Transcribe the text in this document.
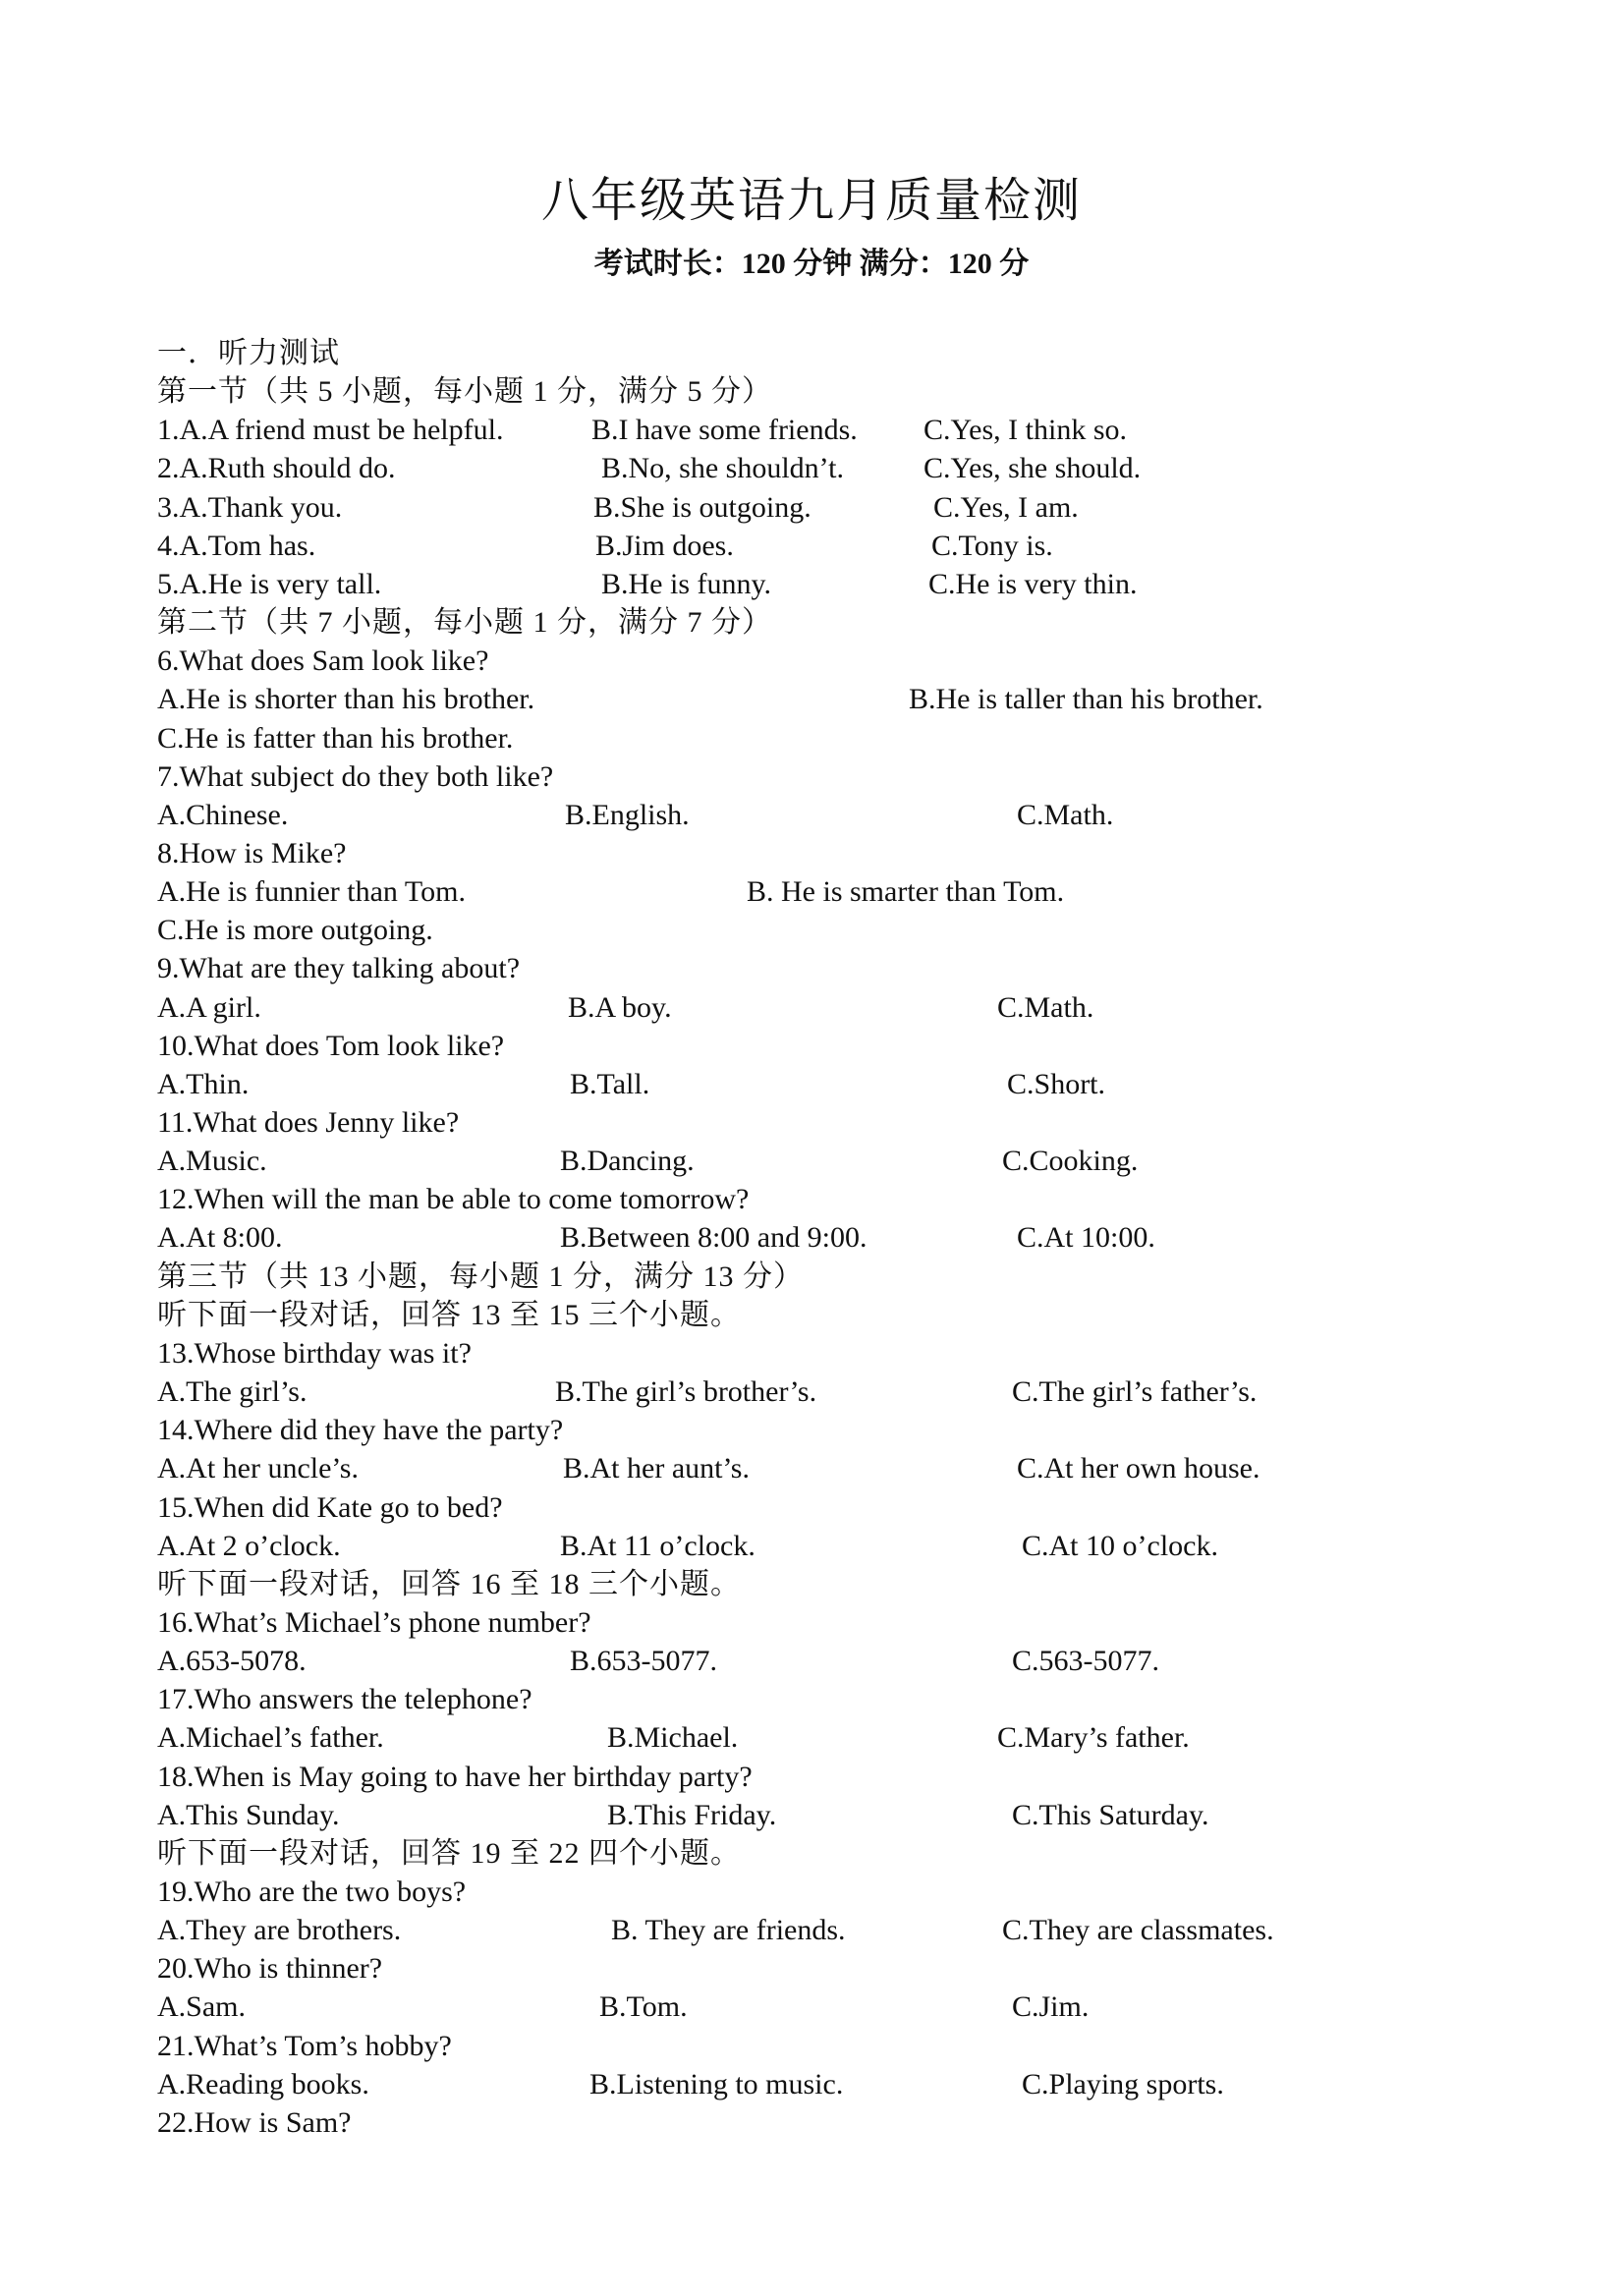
八年级英语九月质量检测
考试时长：120 分钟 满分：120 分
一．听力测试
第一节（共 5 小题，每小题 1 分，满分 5 分）
1.A.A friend must be helpful.	B.I have some friends. C.Yes, I think so.
2.A.Ruth should do.	B.No, she shouldn’t.	C.Yes, she should.
3.A.Thank you.	B.She is outgoing.	C.Yes, I am.
4.A.Tom has.	B.Jim does.	C.Tony is.
5.A.He is very tall.	B.He is funny.	C.He is very thin.
第二节（共 7 小题，每小题 1 分，满分 7 分）
6.What does Sam look like?
A.He is shorter than his brother.	B.He is taller than his brother.
C.He is fatter than his brother.
7.What subject do they both like?
A.Chinese.	B.English.	C.Math.
8.How is Mike?
A.He is funnier than Tom.	B. He is smarter than Tom.
C.He is more outgoing.
9.What are they talking about?
A.A girl.	B.A boy.	C.Math.
10.What does Tom look like?
A.Thin.	B.Tall.	C.Short.
11.What does Jenny like?
A.Music.	B.Dancing.	C.Cooking.
12.When will the man be able to come tomorrow?
A.At 8:00.	B.Between 8:00 and 9:00.	C.At 10:00.
第三节（共 13 小题，每小题 1 分，满分 13 分）
听下面一段对话，回答 13 至 15 三个小题。
13.Whose birthday was it?
A.The girl’s.	B.The girl’s brother’s.	C.The girl’s father’s.
14.Where did they have the party?
A.At her uncle’s.	B.At her aunt’s.	C.At her own house.
15.When did Kate go to bed?
A.At 2 o’clock.	B.At 11 o’clock.	C.At 10 o’clock.
听下面一段对话，回答 16 至 18 三个小题。
16.What’s Michael’s phone number?
A.653-5078.	B.653-5077.	C.563-5077.
17.Who answers the telephone?
A.Michael’s father.	B.Michael.	C.Mary’s father.
18.When is May going to have her birthday party?
A.This Sunday.	B.This Friday.	C.This Saturday.
听下面一段对话，回答 19 至 22 四个小题。
19.Who are the two boys?
A.They are brothers.	B. They are friends.	C.They are classmates.
20.Who is thinner?
A.Sam.	B.Tom.	C.Jim.
21.What’s Tom’s hobby?
A.Reading books.	B.Listening to music.	C.Playing sports.
22.How is Sam?
